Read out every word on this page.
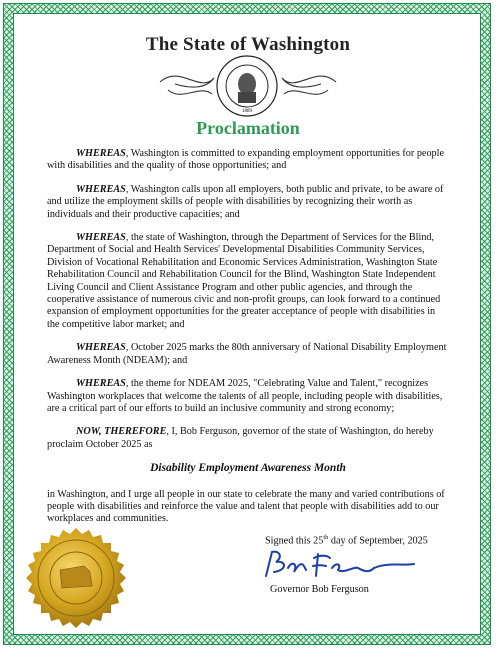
The State of Washington
1889
Proclamation

WHEREAS, Washington is committed to expanding employment opportunities for people with disabilities and the quality of those opportunities; and

WHEREAS, Washington calls upon all employers, both public and private, to be aware of and utilize the employment skills of people with disabilities by recognizing their worth as individuals and their productive capacities; and

WHEREAS, the state of Washington, through the Department of Services for the Blind, Department of Social and Health Services' Developmental Disabilities Community Services, Division of Vocational Rehabilitation and Economic Services Administration, Washington State Rehabilitation Council and Rehabilitation Council for the Blind, Washington State Independent Living Council and Client Assistance Program and other public agencies, and through the cooperative assistance of numerous civic and non-profit groups, can look forward to a continued expansion of employment opportunities for the greater acceptance of people with disabilities in the competitive labor market; and

WHEREAS, October 2025 marks the 80th anniversary of National Disability Employment Awareness Month (NDEAM); and

WHEREAS, the theme for NDEAM 2025, "Celebrating Value and Talent," recognizes Washington workplaces that welcome the talents of all people, including people with disabilities, are a critical part of our efforts to build an inclusive community and strong economy;

NOW, THEREFORE, I, Bob Ferguson, governor of the state of Washington, do hereby proclaim October 2025 as

Disability Employment Awareness Month

in Washington, and I urge all people in our state to celebrate the many and varied contributions of people with disabilities and reinforce the value and talent that people with disabilities add to our workplaces and communities.

Signed this 25th day of September, 2025
Governor Bob Ferguson
